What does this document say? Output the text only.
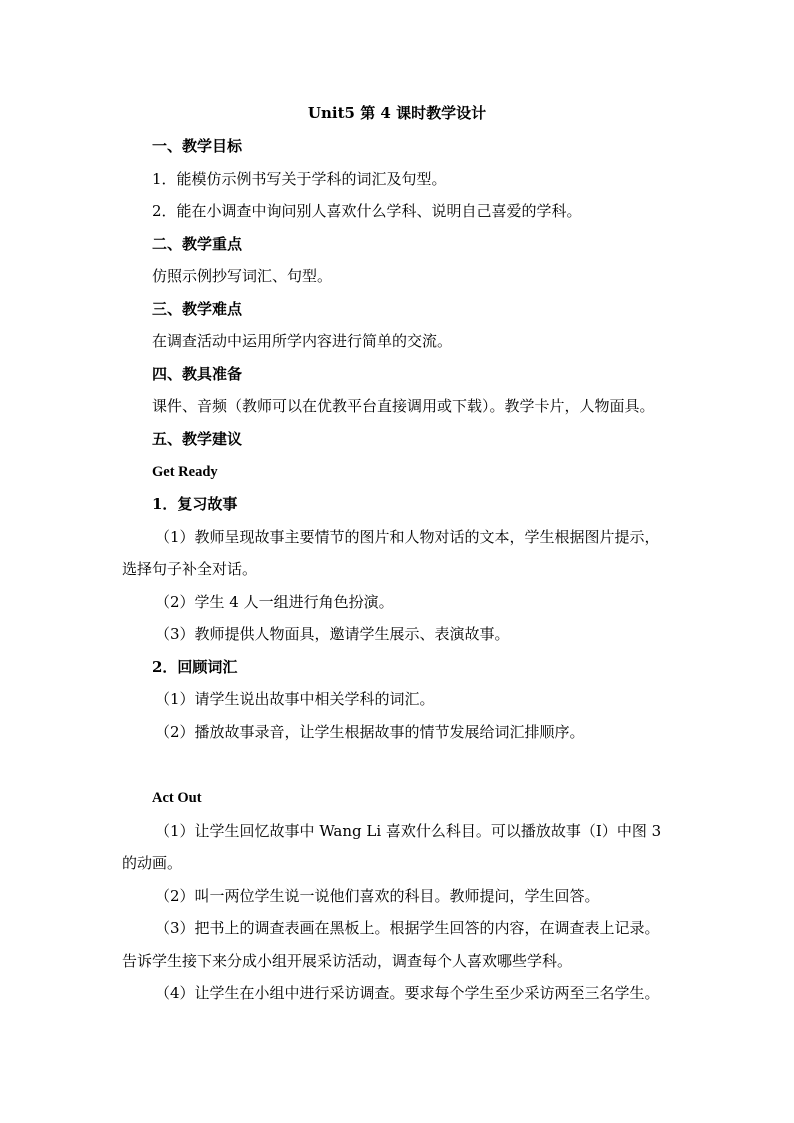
Unit5 第 4 课时教学设计
一、教学目标
1．能模仿示例书写关于学科的词汇及句型。
2．能在小调查中询问别人喜欢什么学科、说明自己喜爱的学科。
二、教学重点
仿照示例抄写词汇、句型。
三、教学难点
在调查活动中运用所学内容进行简单的交流。
四、教具准备
课件、音频（教师可以在优教平台直接调用或下载）。教学卡片，人物面具。
五、教学建议
Get Ready
1．复习故事
（1）教师呈现故事主要情节的图片和人物对话的文本，学生根据图片提示，
选择句子补全对话。
（2）学生 4 人一组进行角色扮演。
（3）教师提供人物面具，邀请学生展示、表演故事。
2．回顾词汇
（1）请学生说出故事中相关学科的词汇。
（2）播放故事录音，让学生根据故事的情节发展给词汇排顺序。
Act Out
（1）让学生回忆故事中 Wang Li 喜欢什么科目。可以播放故事（I）中图 3
的动画。
（2）叫一两位学生说一说他们喜欢的科目。教师提问，学生回答。
（3）把书上的调查表画在黑板上。根据学生回答的内容，在调查表上记录。
告诉学生接下来分成小组开展采访活动，调查每个人喜欢哪些学科。
（4）让学生在小组中进行采访调查。要求每个学生至少采访两至三名学生。
